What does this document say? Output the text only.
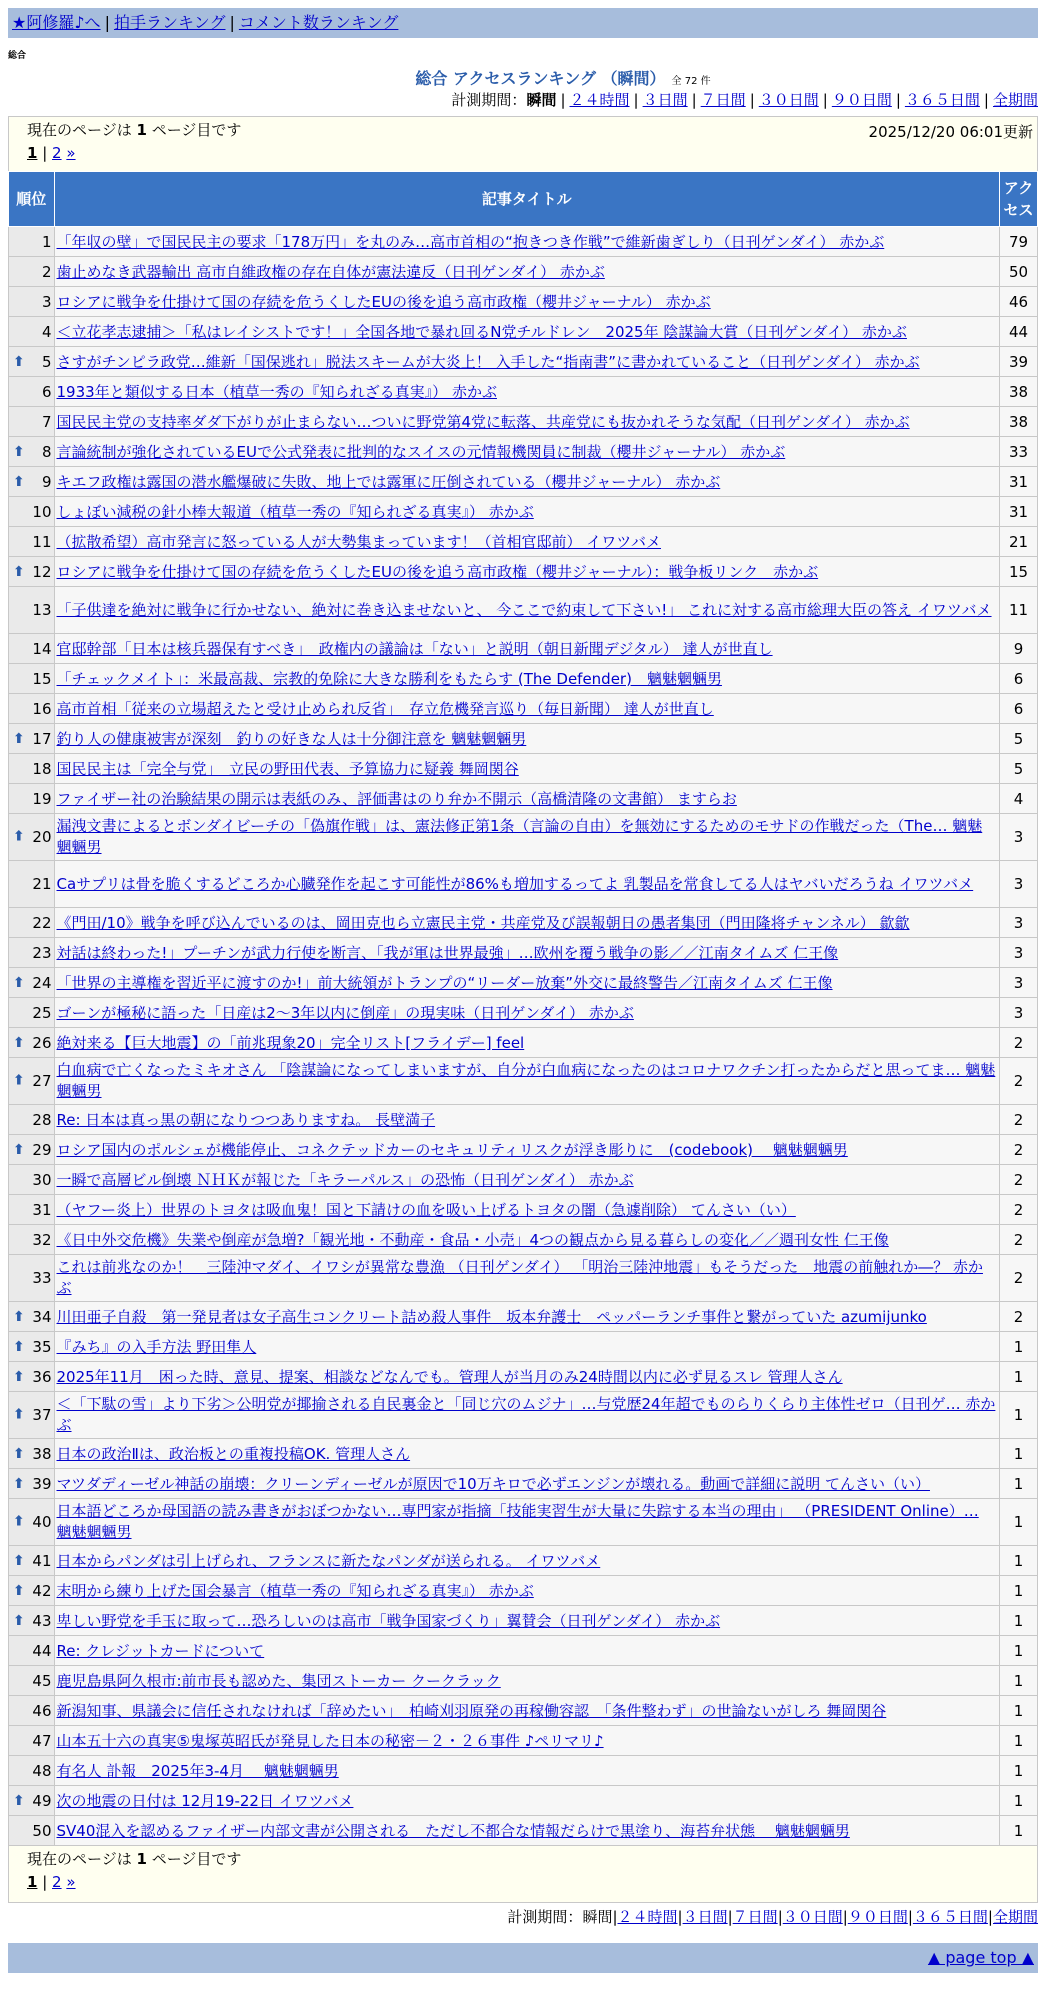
★阿修羅♪へ | 拍手ランキング | コメント数ランキング
総合
総合 アクセスランキング （瞬間） 全 72 件
計測期間：瞬間 | ２４時間 | ３日間 | ７日間 | ３０日間 | ９０日間 | ３６５日間 | 全期間
現在のページは 1 ページ目です	2025/12/20 06:01更新
1 | 2 »
順位	記事タイトル	アクセス
1	「年収の壁」で国民民主の要求「178万円」を丸のみ…高市首相の“抱きつき作戦”で維新歯ぎしり（日刊ゲンダイ） 赤かぶ	79
2	歯止めなき武器輸出 高市自維政権の存在自体が憲法違反（日刊ゲンダイ） 赤かぶ	50
3	ロシアに戦争を仕掛けて国の存続を危うくしたEUの後を追う高市政権（櫻井ジャーナル） 赤かぶ	46
4	＜立花孝志逮捕＞「私はレイシストです！」全国各地で暴れ回るN党チルドレン　2025年 陰謀論大賞（日刊ゲンダイ） 赤かぶ	44

⬆ 5	さすがチンピラ政党…維新「国保逃れ」脱法スキームが大炎上！ 入手した“指南書”に書かれていること（日刊ゲンダイ） 赤かぶ	39
6	1933年と類似する日本（植草一秀の『知られざる真実』） 赤かぶ	38
7	国民民主党の支持率ダダ下がりが止まらない…ついに野党第4党に転落、共産党にも抜かれそうな気配（日刊ゲンダイ） 赤かぶ	38

⬆ 8	言論統制が強化されているEUで公式発表に批判的なスイスの元情報機関員に制裁（櫻井ジャーナル） 赤かぶ	33

⬆ 9	キエフ政権は露国の潜水艦爆破に失敗、地上では露軍に圧倒されている（櫻井ジャーナル） 赤かぶ	31
10	しょぼい減税の針小棒大報道（植草一秀の『知られざる真実』） 赤かぶ	31
11	（拡散希望）高市発言に怒っている人が大勢集まっています！（首相官邸前） イワツバメ	21

⬆ 12	ロシアに戦争を仕掛けて国の存続を危うくしたEUの後を追う高市政権（櫻井ジャーナル）：戦争板リンク　赤かぶ	15
13	「子供達を絶対に戦争に行かせない、絶対に巻き込ませないと、 今ここで約束して下さい!」 これに対する高市総理大臣の答え イワツバメ	11
14	官邸幹部「日本は核兵器保有すべき」　政権内の議論は「ない」と説明（朝日新聞デジタル） 達人が世直し	9
15	「チェックメイト」：米最高裁、宗教的免除に大きな勝利をもたらす (The Defender)　魑魅魍魎男	6
16	高市首相「従来の立場超えたと受け止められ反省」　存立危機発言巡り（毎日新聞） 達人が世直し	6

⬆ 17	釣り人の健康被害が深刻　釣りの好きな人は十分御注意を 魑魅魍魎男	5
18	国民民主は「完全与党」　立民の野田代表、予算協力に疑義 舞岡関谷	5
19	ファイザー社の治験結果の開示は表紙のみ、評価書はのり弁か不開示（高橋清隆の文書館） ますらお	4

⬆ 20	漏洩文書によるとボンダイビーチの「偽旗作戦」は、憲法修正第1条（言論の自由）を無効にするためのモサドの作戦だった（The… 魑魅魍魎男	3
21	Caサプリは骨を脆くするどころか心臓発作を起こす可能性が86%も増加するってよ 乳製品を常食してる人はヤバいだろうね イワツバメ	3
22	《門田/10》戦争を呼び込んでいるのは、岡田克也ら立憲民主党・共産党及び誤報朝日の愚者集団（門田隆将チャンネル） 歙歙	3
23	対話は終わった!」プーチンが武力行使を断言、「我が軍は世界最強」…欧州を覆う戦争の影／／江南タイムズ 仁王像	3

⬆ 24	「世界の主導権を習近平に渡すのか!」前大統領がトランプの“リーダー放棄”外交に最終警告／江南タイムズ 仁王像	3
25	ゴーンが極秘に語った「日産は2～3年以内に倒産」の現実味（日刊ゲンダイ） 赤かぶ	3

⬆ 26	絶対来る【巨大地震】の「前兆現象20」完全リスト[フライデー] feel	2

⬆ 27	白血病で亡くなったミキオさん 「陰謀論になってしまいますが、自分が白血病になったのはコロナワクチン打ったからだと思ってま… 魑魅魍魎男	2
28	Re: 日本は真っ黒の朝になりつつありますね。 長壁満子	2

⬆ 29	ロシア国内のポルシェが機能停止、コネクテッドカーのセキュリティリスクが浮き彫りに　(codebook)　 魑魅魍魎男	2
30	一瞬で高層ビル倒壊 ＮＨＫが報じた「キラーパルス」の恐怖（日刊ゲンダイ） 赤かぶ	2
31	（ヤフー炎上）世界のトヨタは吸血鬼！国と下請けの血を吸い上げるトヨタの闇（急遽削除） てんさい（い）	2
32	《日中外交危機》失業や倒産が急増?「観光地・不動産・食品・小売」4つの観点から見る暮らしの変化／／週刊女性 仁王像	2
33	これは前兆なのか！　三陸沖マダイ、イワシが異常な豊漁 （日刊ゲンダイ） 「明治三陸沖地震」もそうだった　地震の前触れか―？ 赤かぶ	2

⬆ 34	川田亜子自殺　第一発見者は女子高生コンクリート詰め殺人事件　坂本弁護士　ペッパーランチ事件と繋がっていた azumijunko	2

⬆ 35	『みち』の入手方法 野田隼人	1

⬆ 36	2025年11月　困った時、意見、提案、相談などなんでも。管理人が当月のみ24時間以内に必ず見るスレ 管理人さん	1

⬆ 37	＜「下駄の雪」より下劣＞公明党が揶揄される自民裏金と「同じ穴のムジナ」…与党歴24年超でものらりくらり主体性ゼロ（日刊ゲ… 赤かぶ	1

⬆ 38	日本の政治Ⅱは、政治板との重複投稿OK. 管理人さん	1

⬆ 39	マツダディーゼル神話の崩壊：クリーンディーゼルが原因で10万キロで必ずエンジンが壊れる。動画で詳細に説明 てんさい（い）	1

⬆ 40	日本語どころか母国語の読み書きがおぼつかない…専門家が指摘「技能実習生が大量に失踪する本当の理由」 （PRESIDENT Online）… 魑魅魍魎男	1

⬆ 41	日本からパンダは引上げられ、フランスに新たなパンダが送られる。 イワツバメ	1

⬆ 42	末明から練り上げた国会暴言（植草一秀の『知られざる真実』） 赤かぶ	1

⬆ 43	卑しい野党を手玉に取って…恐ろしいのは高市「戦争国家づくり」翼賛会（日刊ゲンダイ） 赤かぶ	1
44	Re: クレジットカードについて	1
45	鹿児島県阿久根市:前市長も認めた、集団ストーカー クークラック	1
46	新潟知事、県議会に信任されなければ「辞めたい」　柏崎刈羽原発の再稼働容認　「条件整わず」の世論ないがしろ 舞岡関谷	1
47	山本五十六の真実⑤鬼塚英昭氏が発見した日本の秘密－２・２６事件 ♪ペリマリ♪	1
48	有名人 訃報　2025年3-4月　 魑魅魍魎男	1

⬆ 49	次の地震の日付は 12月19-22日 イワツバメ	1
50	SV40混入を認めるファイザー内部文書が公開される　ただし不都合な情報だらけで黒塗り、海苔弁状態　 魑魅魍魎男	1
現在のページは 1 ページ目です
1 | 2 »
計測期間：瞬間|２４時間|３日間|７日間|３０日間|９０日間|３６５日間|全期間
▲ page top ▲
